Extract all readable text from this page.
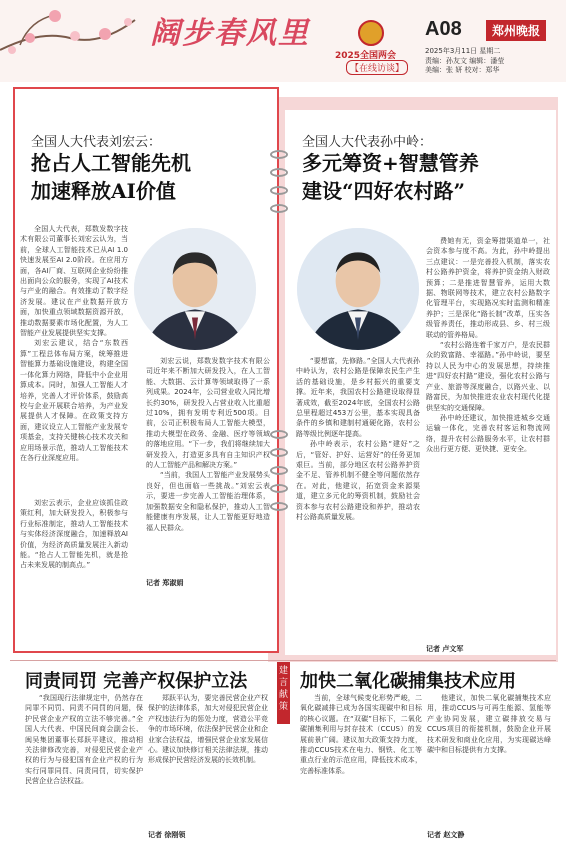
阔步春风里
2025全国两会
【在线访谈】
A08	郑州晚报
2025年3月11日 星期二
责编：孙友文 编辑：潘莹
美编：张 妍 校对：郑华
全国人大代表刘宏云：
抢占人工智能先机
加速释放AI价值

全国人大代表，郑数发数字技术有限公司董事长刘宏云认为，当前，全球人工智能技术已从AI 1.0快速发展至AI 2.0阶段。在应用方面，各AI厂商、互联网企业纷纷推出面向公众的服务，实现了AI技术与产业的融合。有效推动了数字经济发展。建议在产业数据开放方面，加快重点领域数据资源开放，推动数据要素市场化配置，为人工智能产业发展提供坚实支撑。

刘宏云建议，结合“东数西算”工程总体布局方案，统筹推进智能算力基础设施建设，构建全国一体化算力网络，降低中小企业用算成本。同时，加强人工智能人才培养，完善人才评价体系，鼓励高校与企业开展联合培养，为产业发展提供人才保障。在政策支持方面，建议设立人工智能产业发展专项基金，支持关键核心技术攻关和应用场景示范，推动人工智能技术在各行业深度应用。

刘宏云表示，企业应该抓住政策红利，加大研发投入，积极参与行业标准制定，推动人工智能技术与实体经济深度融合，加速释放AI价值，为经济高质量发展注入新动能。“抢占人工智能先机，就是抢占未来发展的制高点。”

刘宏云说，郑数发数字技术有限公司近年来不断加大研发投入，在人工智能、大数据、云计算等领域取得了一系列成果。2024年，公司营业收入同比增长约30%，研发投入占营业收入比重超过10%，拥有发明专利近500项。目前，公司正积极布局人工智能大模型，推动大模型在政务、金融、医疗等领域的落地应用。“下一步，我们将继续加大研发投入，打造更多具有自主知识产权的人工智能产品和解决方案。”

“当前，我国人工智能产业发展势头良好，但也面临一些挑战。”刘宏云表示，要进一步完善人工智能治理体系，加强数据安全和隐私保护，推动人工智能健康有序发展，让人工智能更好地造福人民群众。

记者 郑淑娟
全国人大代表孙中岭：
多元筹资+智慧管养
建设“四好农村路”

“要想富，先修路。”全国人大代表孙中岭认为，农村公路是保障农民生产生活的基础设施，是乡村振兴的重要支撑。近年来，我国农村公路建设取得显著成效，截至2024年底，全国农村公路总里程超过453万公里，基本实现具备条件的乡镇和建制村通硬化路，农村公路等级比例逐年提高。

孙中岭表示，农村公路“建好”之后，“管好、护好、运营好”的任务更加艰巨。当前，部分地区农村公路养护资金不足、管养机制不健全等问题依然存在。对此，他建议，拓宽资金来源渠道，建立多元化的筹资机制，鼓励社会资本参与农村公路建设和养护，推动农村公路高质量发展。

费她有无，资金筹措渠道单一，社会资本参与度不高。为此，孙中岭提出三点建议：一是完善投入机制，落实农村公路养护资金，将养护资金纳入财政预算；二是推进智慧管养，运用大数据、物联网等技术，建立农村公路数字化管理平台，实现路况实时监测和精准养护；三是深化“路长制”改革，压实各级管养责任，推动形成县、乡、村三级联动的管养格局。

“农村公路连着千家万户，是农民群众的致富路、幸福路。”孙中岭说，要坚持以人民为中心的发展思想，持续推进“四好农村路”建设，强化农村公路与产业、旅游等深度融合，以路兴业、以路富民，为加快推进农业农村现代化提供坚实的交通保障。

孙中岭还建议，加快推进城乡交通运输一体化，完善农村客运和物流网络，提升农村公路服务水平，让农村群众出行更方便、更快捷、更安全。

记者 卢文军
建言献策
同责同罚 完善产权保护立法

“我国现行法律规定中，仍然存在同罪不同罚、同责不同罚的问题，保护民营企业产权的立法不够完善。”全国人大代表、中国民间商会副会长、闽吴集团董事长郑跃平建议，推动相关法律修改完善，对侵犯民营企业产权的行为与侵犯国有企业产权的行为实行同罪同罚、同责同罚，切实保护民营企业合法权益。

郑跃平认为，要完善民营企业产权保护的法律体系，加大对侵犯民营企业产权违法行为的惩处力度，营造公平竞争的市场环境，依法保护民营企业和企业家合法权益，增强民营企业家发展信心。建议加快修订相关法律法规，推动形成保护民营经济发展的长效机制。

记者 徐刚领
加快二氧化碳捕集技术应用

当前，全球气候变化形势严峻，二氧化碳减排已成为各国实现碳中和目标的核心议题。在“双碳”目标下，二氧化碳捕集利用与封存技术（CCUS）的发展前景广阔。建议加大政策支持力度，推动CCUS技术在电力、钢铁、化工等重点行业的示范应用，降低技术成本，完善标准体系。

他建议，加快二氧化碳捕集技术应用，推动CCUS与可再生能源、氢能等产业协同发展，建立碳排放交易与CCUS项目的衔接机制，鼓励企业开展技术研发和商业化应用，为实现碳达峰碳中和目标提供有力支撑。

记者 赵文静
